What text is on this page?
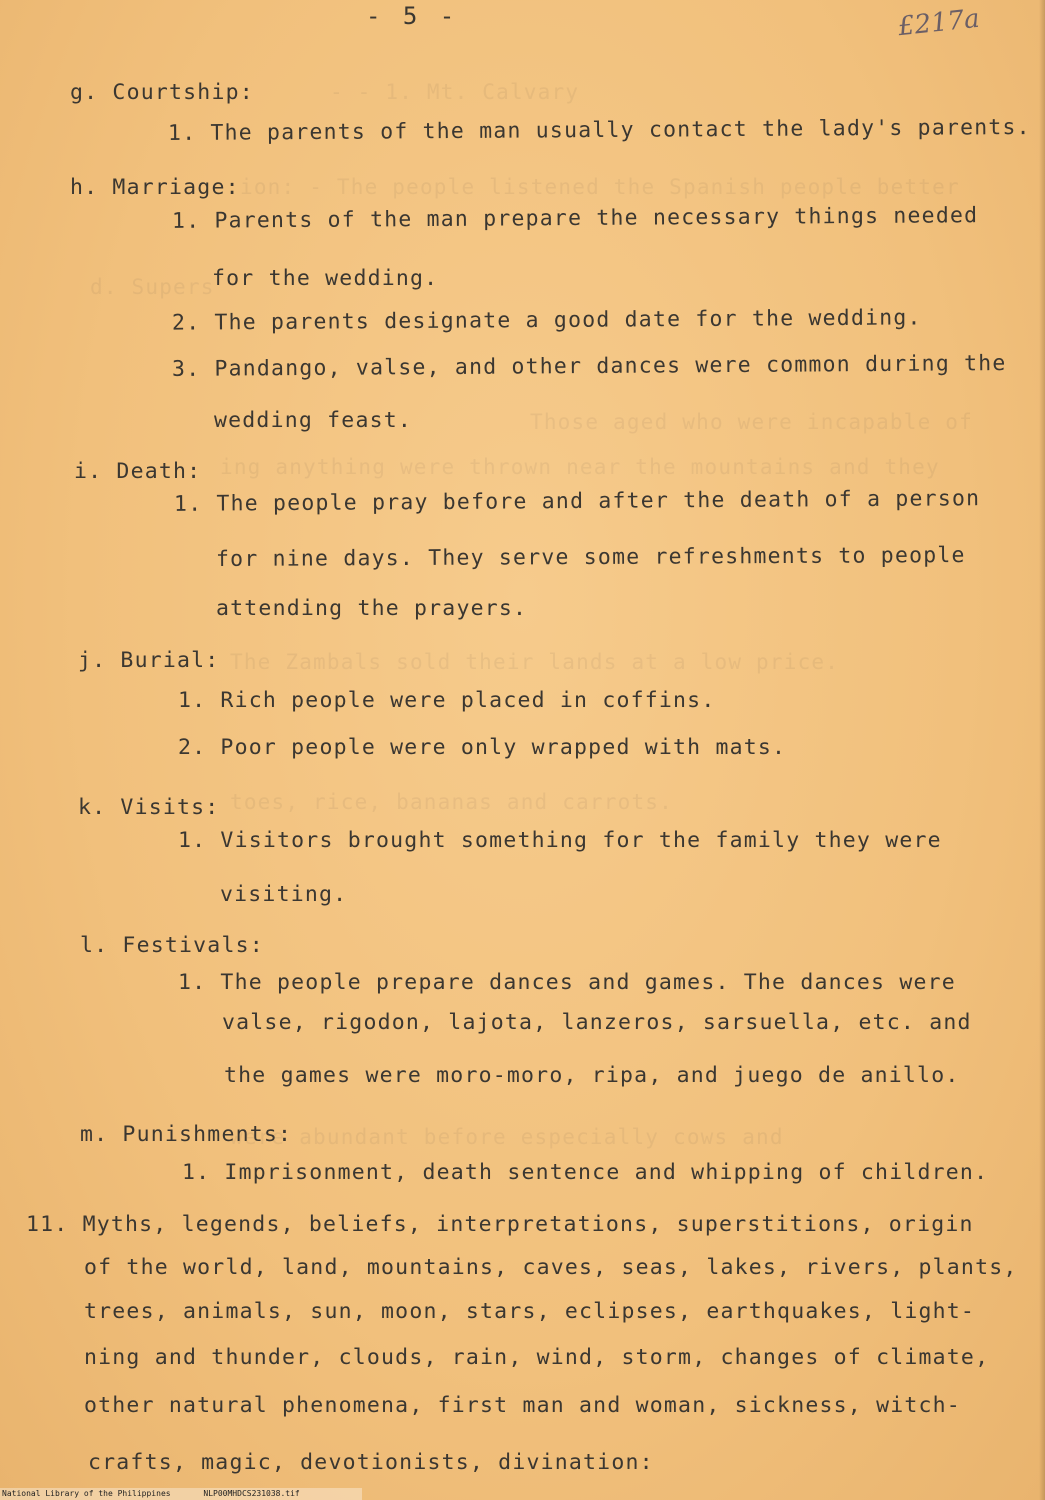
- - 1. Mt. Calvary
ion: - The people listened the Spanish people better
d. Supers
Those aged who were incapable of
ing anything were thrown near the mountains and they
The Zambals sold their lands at a low price.
toes, rice, bananas and carrots.
were abundant before especially cows and
- 5 -	£217a
g. Courtship:
1. The parents of the man usually contact the lady's parents.
h. Marriage:
1. Parents of the man prepare the necessary things needed
for the wedding.
2. The parents designate a good date for the wedding.
3. Pandango, valse, and other dances were common during the
wedding feast.
i. Death:
1. The people pray before and after the death of a person
for nine days. They serve some refreshments to people
attending the prayers.
j. Burial:
1. Rich people were placed in coffins.
2. Poor people were only wrapped with mats.
k. Visits:
1. Visitors brought something for the family they were
visiting.
l. Festivals:
1. The people prepare dances and games. The dances were
valse, rigodon, lajota, lanzeros, sarsuella, etc. and
the games were moro-moro, ripa, and juego de anillo.
m. Punishments:
1. Imprisonment, death sentence and whipping of children.
11. Myths, legends, beliefs, interpretations, superstitions, origin
of the world, land, mountains, caves, seas, lakes, rivers, plants,
trees, animals, sun, moon, stars, eclipses, earthquakes, light-
ning and thunder, clouds, rain, wind, storm, changes of climate,
other natural phenomena, first man and woman, sickness, witch-
crafts, magic, devotionists, divination:
National Library of the Philippines	NLP00MHDCS231038.tif
